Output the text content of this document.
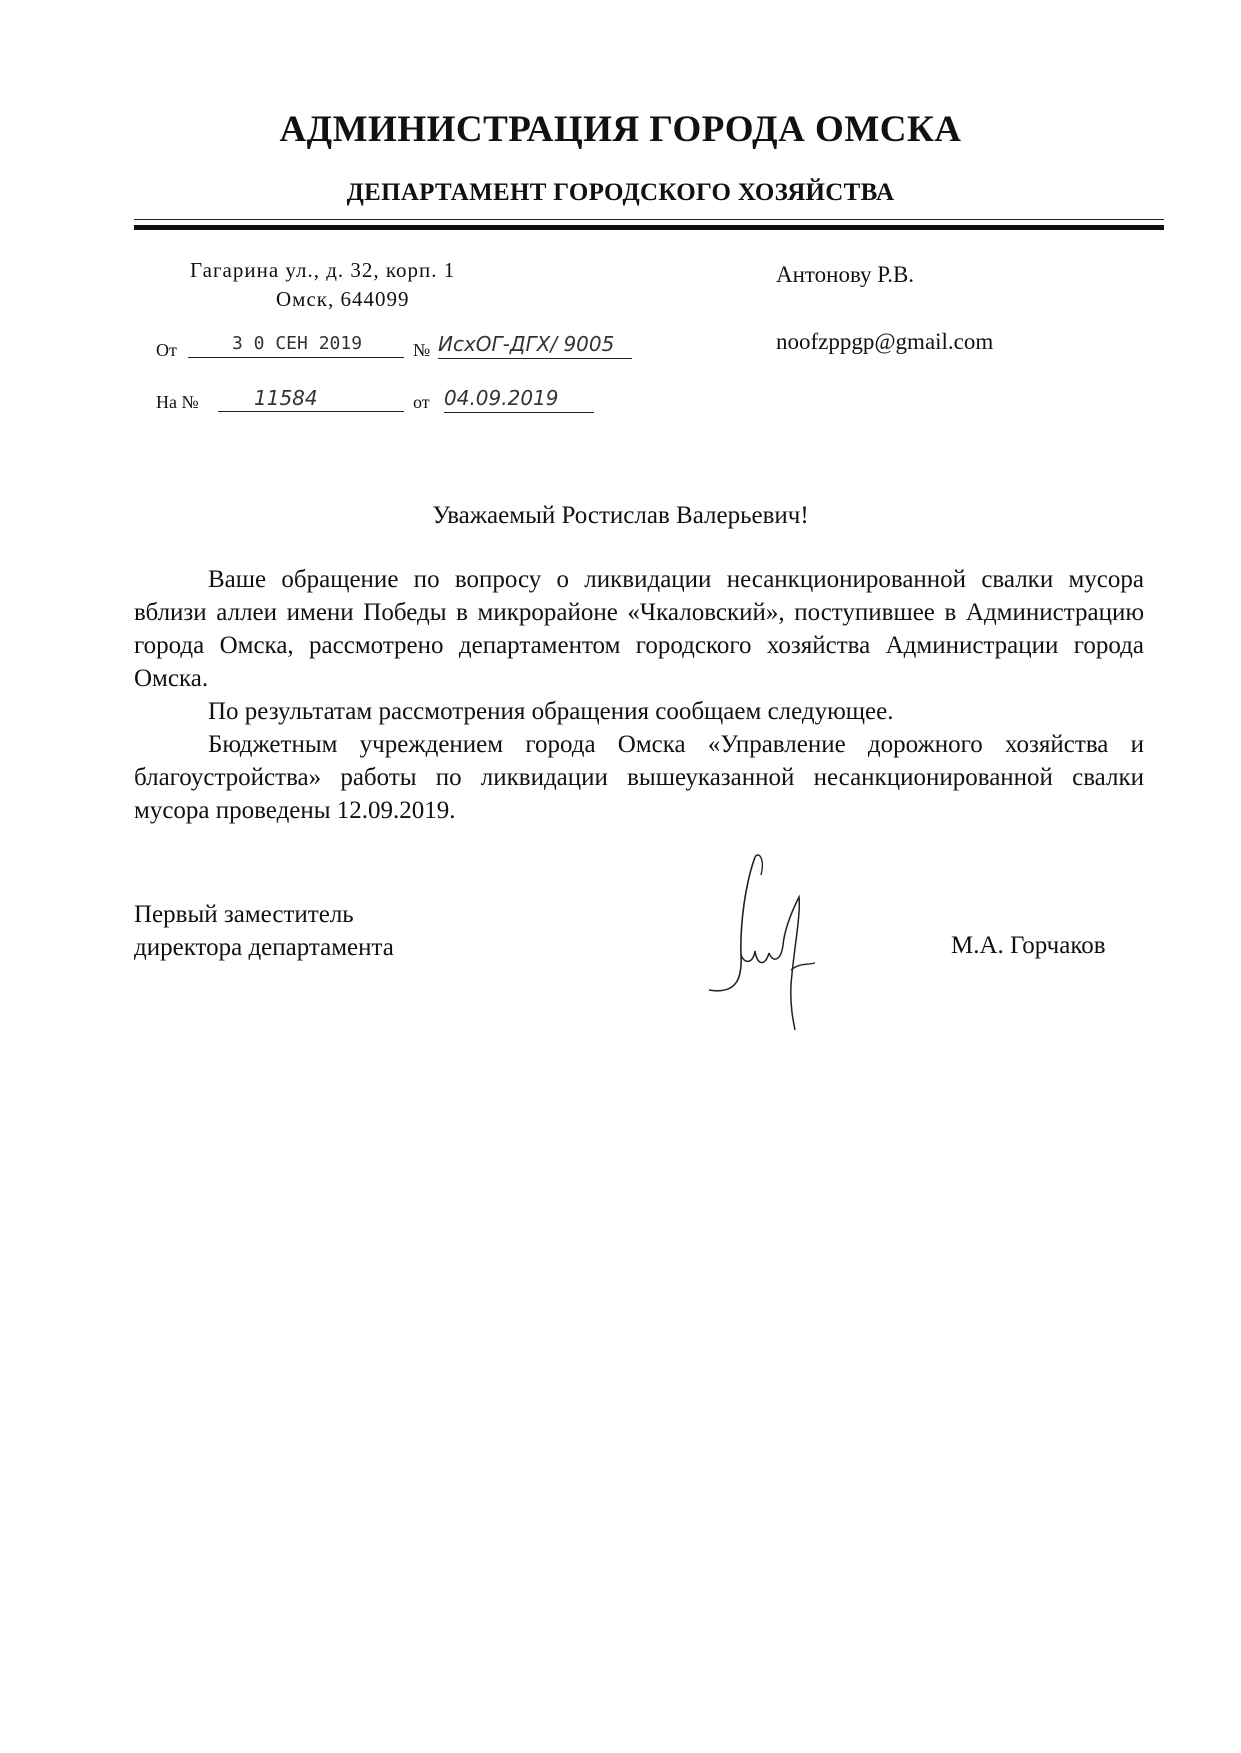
АДМИНИСТРАЦИЯ ГОРОДА ОМСКА
ДЕПАРТАМЕНТ ГОРОДСКОГО ХОЗЯЙСТВА
Гагарина ул., д. 32, корп. 1
Омск, 644099
Антонову Р.В.
noofzppgp@gmail.com
От	3 0 СЕН 2019	№ ИсхОГ-ДГХ/ 9005
На №	11584	от 04.09.2019
Уважаемый Ростислав Валерьевич!

Ваше обращение по вопросу о ликвидации несанкционированной свалки мусора вблизи аллеи имени Победы в микрорайоне «Чкаловский», поступившее в Администрацию города Омска, рассмотрено департаментом городского хозяйства Администрации города Омска.

По результатам рассмотрения обращения сообщаем следующее.

Бюджетным учреждением города Омска «Управление дорожного хозяйства и благоустройства» работы по ликвидации вышеуказанной несанкционированной свалки мусора проведены 12.09.2019.

Первый заместитель
директора департамента	М.А. Горчаков
